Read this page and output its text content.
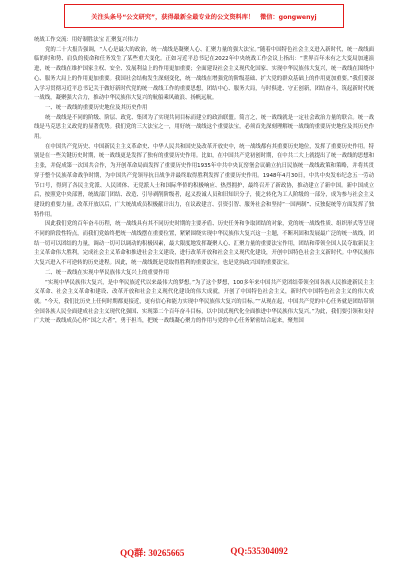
关注头条号“公文研究”，获得最新全最专业的公文资料库！ 微信：gongwenyj

统战工作交流：用好制胜法宝 汇聚复兴伟力

党的二十大报告强调，“人心是最大的政治，统一战线是凝聚人心、汇聚力量的强大法宝。”随着中国特色社会主义进入新时代，统一战线面临的时和势、肩负的使命和任务发生了某些重大变化。正如习近平总书记在2022年中央统战工作会议上指出：“世界百年未有之大变局加速演进，统一战线在维护国家主权、安全、发展利益上的作用更加重要；全面建设社会主义现代化国家、实现中华民族伟大复兴，统一战线在围绕中心、服务大局上的作用更加重要。我国社会结构发生深刻变化，统一战线在增强党的阶级基础、扩大党的群众基础上的作用更加重要。”我们要深入学习贯彻习近平总书记关于做好新时代党的统一战线工作的重要思想，团结中心、服务大局，与时俱进、守正创新，团结奋斗，筑起新时代统一战线，凝聚强大合力，推动中华民族伟大复兴的航船乘风破浪、扬帆远航。

一、统一战线的重要历史地位及其历史作用

统一战线是不同的阶级、阶层、政党、集团为了实现共同目标而建立的政治联盟。简言之，统一战线就是一定社会政治力量的联合。统一战线是马克思主义政党的显著优势。我们党的三大法宝之一，用好统一战线这个重要法宝，必须首先深刻理解统一战线的重要历史地位及其历史作用。

在中国共产党历史、中国新民主主义革命史、中华人民共和国史及改革开放史中，统一战线都有其重要历史地位，发挥了重要历史作用。特别是在一些关键历史时期，统一战线更是发挥了独有的重要历史作用。比如，在中国共产党初创时期，在中共二大上就提出了统一战线的思想和主张，并促成第一次国共合作，为开创革命局面发挥了重要历史作用1935年中共中央瓦窑堡会议确立抗日民族统一战线政策和策略，并将其贯穿于整个民族革命战争时期，为中国共产党领导抗日战争并最终取得胜利发挥了重要历史作用。1948年4月30日，中共中央发布纪念五一劳动节口号，得到了各民主党派、人民团体、无党派人士和国际华侨的积极响应、热烈拥护，最终召开了新政协，推动建立了新中国。新中国成立后，按照党中央部署，统战部门团结、改造、引导剥削阶级者，起义投诚人员和旧知识分子，使之转化为工人阶级的一部分，成为参与社会主义建设的重要力量。改革开放以后，广大统战成员积极献计出力，在议政建言、引资引智、服务社会和坚持“一国两制”、反独促统等方面发挥了独特作用。

因此我们党的百年奋斗历程，统一战线具有其不同历史时期的主要矛盾、历史任务和争取团结的对象，党的统一战线性质、组织形式等呈现不同的阶段性特点，而我们党始终把统一战线摆在重要位置，紧紧围绕实现中华民族伟大复兴这一主题，不断巩固和发展最广泛的统一战线，团结一切可以团结的力量，调动一切可以调动的积极因素，最大限度地发挥凝聚人心、汇聚力量的重要法宝作用，团结和带领全国人民夺取新民主主义革命伟大胜利，完成社会主义革命和推进社会主义建设，进行改革开放和社会主义现代化建设，开创中国特色社会主义新时代。中华民族伟大复兴进入不可逆转的历史进程。因此，统一战线既是党取得胜利的重要法宝，也是党执政兴国的重要法宝。

二、统一战线在实现中华民族伟大复兴上的重要作用

“实现中华民族伟大复兴，是中华民族近代以来最伟大的梦想。”为了这个梦想，100多年来中国共产党团结带领全国各族人民推进新民主主义革命、社会主义革命和建设、改革开放和社会主义现代化建设的伟大成就，开创了中国特色社会主义，新时代中国特色社会主义的伟大成就。“今天，我们比历史上任何时期都更接近，更有信心和能力实现中华民族伟大复兴的目标。”“从现在起，中国共产党的中心任务就是团结带领全国各族人民全面建成社会主义现代化强国、实现第二个百年奋斗目标，以中国式现代化全面推进中华民族伟大复兴。”为此，我们要引领和支持广大统一战线成员心怀“国之大者”，勇于担当，把统一战线凝心聚力的作用与党的中心任务紧密结合起来，聚焦国

QQ群: 30265665	QQ:535304092
